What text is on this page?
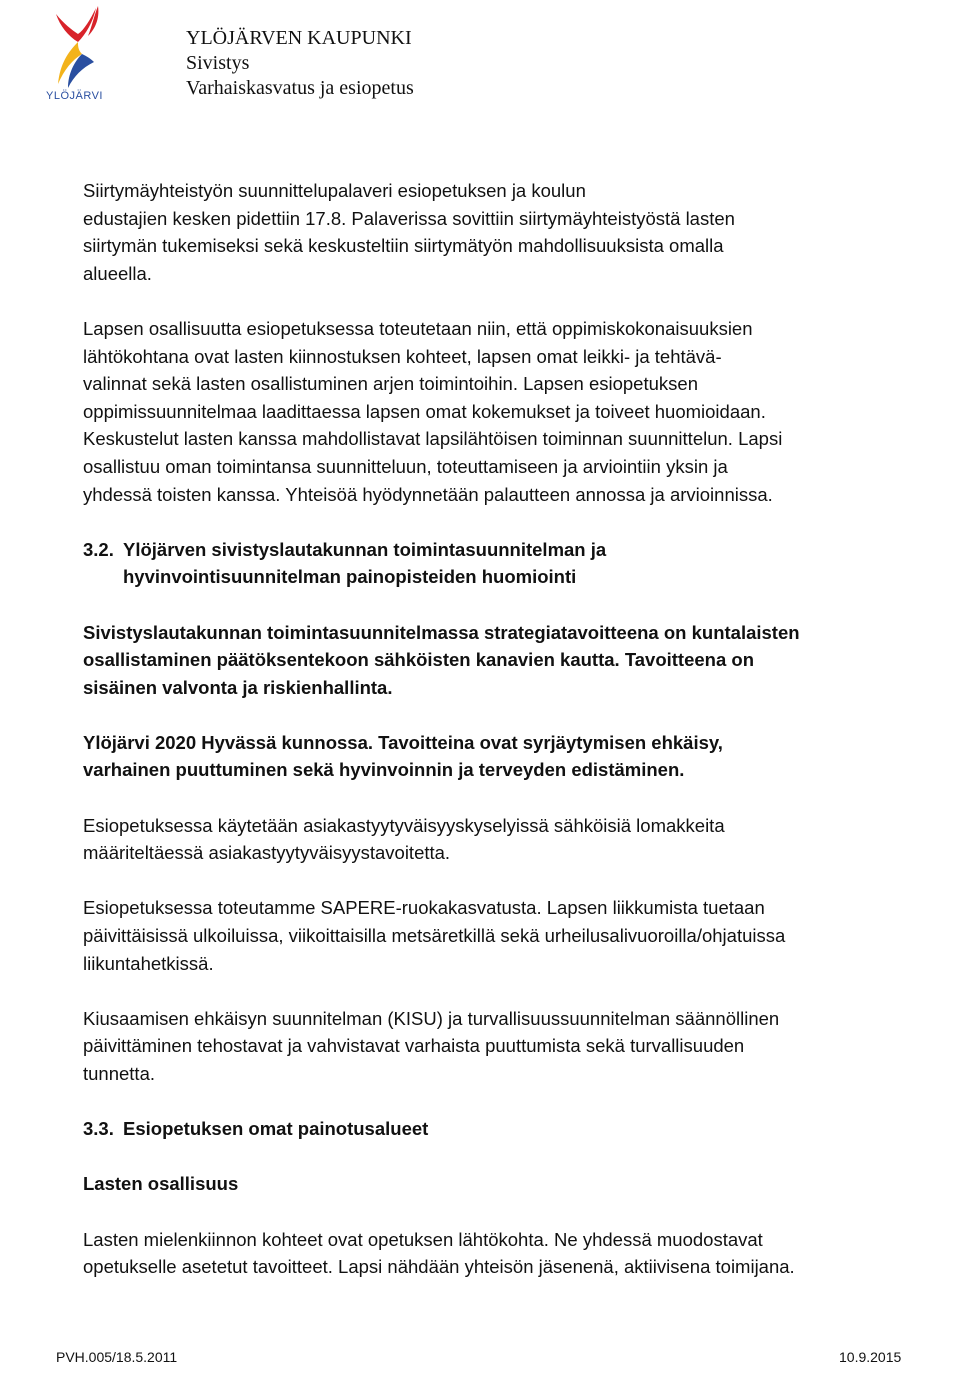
YLÖJÄRVI
YLÖJÄRVEN KAUPUNKI
Sivistys
Varhaiskasvatus ja esiopetus

Siirtymäyhteistyön suunnittelupalaveri esiopetuksen ja koulun
edustajien kesken pidettiin 17.8. Palaverissa sovittiin siirtymäyhteistyöstä lasten
siirtymän tukemiseksi sekä keskusteltiin siirtymätyön mahdollisuuksista omalla
alueella.

Lapsen osallisuutta esiopetuksessa toteutetaan niin, että oppimiskokonaisuuksien
lähtökohtana ovat lasten kiinnostuksen kohteet, lapsen omat leikki- ja tehtävä-
valinnat sekä lasten osallistuminen arjen toimintoihin. Lapsen esiopetuksen
oppimissuunnitelmaa laadittaessa lapsen omat kokemukset ja toiveet huomioidaan.
Keskustelut lasten kanssa mahdollistavat lapsilähtöisen toiminnan suunnittelun. Lapsi
osallistuu oman toimintansa suunnitteluun, toteuttamiseen ja arviointiin yksin ja
yhdessä toisten kanssa. Yhteisöä hyödynnetään palautteen annossa ja arvioinnissa.

3.2. Ylöjärven sivistyslautakunnan toimintasuunnitelman ja
hyvinvointisuunnitelman painopisteiden huomiointi

Sivistyslautakunnan toimintasuunnitelmassa strategiatavoitteena on kuntalaisten
osallistaminen päätöksentekoon sähköisten kanavien kautta. Tavoitteena on
sisäinen valvonta ja riskienhallinta.

Ylöjärvi 2020 Hyvässä kunnossa. Tavoitteina ovat syrjäytymisen ehkäisy,
varhainen puuttuminen sekä hyvinvoinnin ja terveyden edistäminen.

Esiopetuksessa käytetään asiakastyytyväisyyskyselyissä sähköisiä lomakkeita
määriteltäessä asiakastyytyväisyystavoitetta.

Esiopetuksessa toteutamme SAPERE-ruokakasvatusta. Lapsen liikkumista tuetaan
päivittäisissä ulkoiluissa, viikoittaisilla metsäretkillä sekä urheilusalivuoroilla/ohjatuissa
liikuntahetkissä.

Kiusaamisen ehkäisyn suunnitelman (KISU) ja turvallisuussuunnitelman säännöllinen
päivittäminen tehostavat ja vahvistavat varhaista puuttumista sekä turvallisuuden
tunnetta.

3.3. Esiopetuksen omat painotusalueet

Lasten osallisuus

Lasten mielenkiinnon kohteet ovat opetuksen lähtökohta. Ne yhdessä muodostavat
opetukselle asetetut tavoitteet. Lapsi nähdään yhteisön jäsenenä, aktiivisena toimijana.

PVH.005/18.5.2011	10.9.2015
